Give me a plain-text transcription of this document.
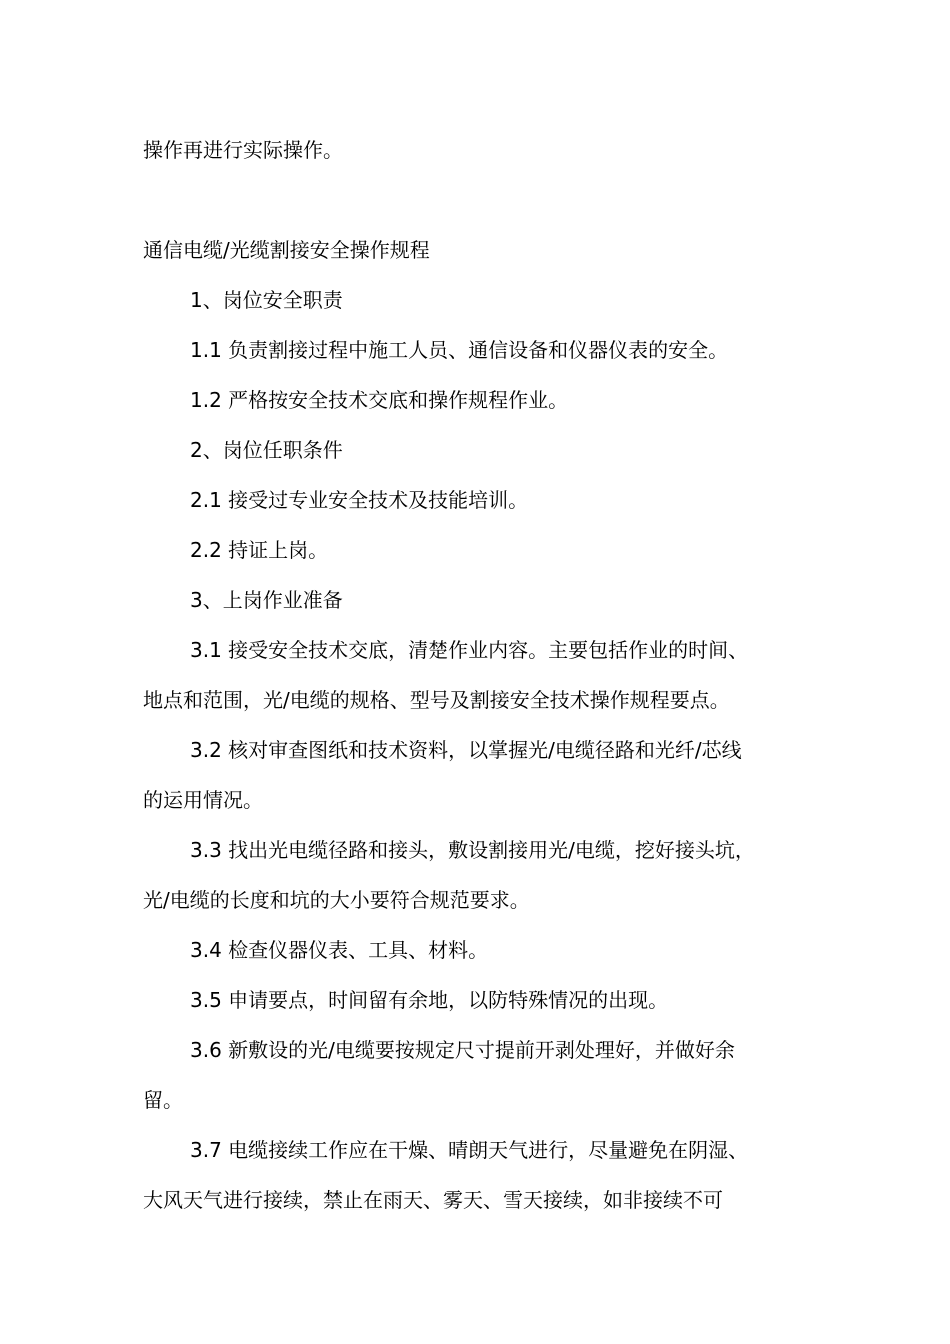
操作再进行实际操作。
通信电缆/光缆割接安全操作规程
1、岗位安全职责
1.1 负责割接过程中施工人员、通信设备和仪器仪表的安全。
1.2 严格按安全技术交底和操作规程作业。
2、岗位任职条件
2.1 接受过专业安全技术及技能培训。
2.2 持证上岗。
3、上岗作业准备
3.1 接受安全技术交底，清楚作业内容。主要包括作业的时间、
地点和范围，光/电缆的规格、型号及割接安全技术操作规程要点。
3.2 核对审查图纸和技术资料，以掌握光/电缆径路和光纤/芯线
的运用情况。
3.3 找出光电缆径路和接头，敷设割接用光/电缆，挖好接头坑，
光/电缆的长度和坑的大小要符合规范要求。
3.4 检查仪器仪表、工具、材料。
3.5 申请要点，时间留有余地，以防特殊情况的出现。
3.6 新敷设的光/电缆要按规定尺寸提前开剥处理好，并做好余
留。
3.7 电缆接续工作应在干燥、晴朗天气进行，尽量避免在阴湿、
大风天气进行接续，禁止在雨天、雾天、雪天接续，如非接续不可
